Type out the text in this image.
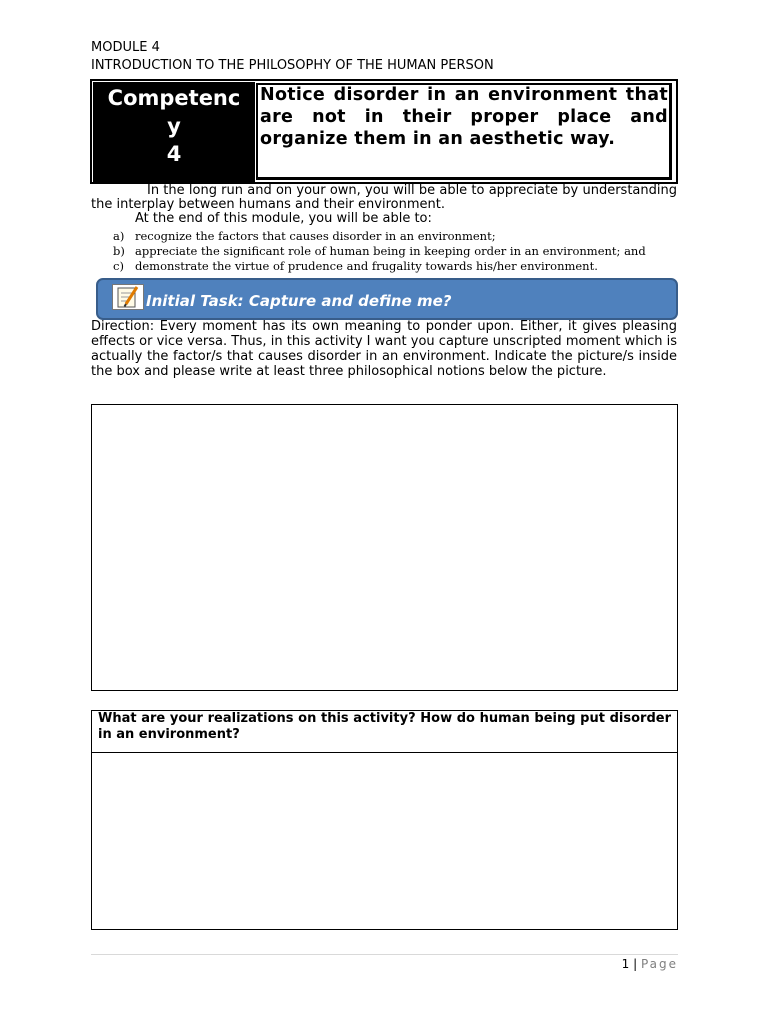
MODULE 4
INTRODUCTION TO THE PHILOSOPHY OF THE HUMAN PERSON
Competenc
y
4
Notice disorder in an environment that are not in their proper place and organize them in an aesthetic way.
In the long run and on your own, you will be able to appreciate by understanding the interplay between humans and their environment.
At the end of this module, you will be able to:
a) recognize the factors that causes disorder in an environment;
b) appreciate the significant role of human being in keeping order in an environment; and
c) demonstrate the virtue of prudence and frugality towards his/her environment.
Initial Task: Capture and define me?
Direction: Every moment has its own meaning to ponder upon. Either, it gives pleasing effects or vice versa. Thus, in this activity I want you capture unscripted moment which is actually the factor/s that causes disorder in an environment. Indicate the picture/s inside the box and please write at least three philosophical notions below the picture.
What are your realizations on this activity? How do human being put disorder in an environment?
1 | Page
